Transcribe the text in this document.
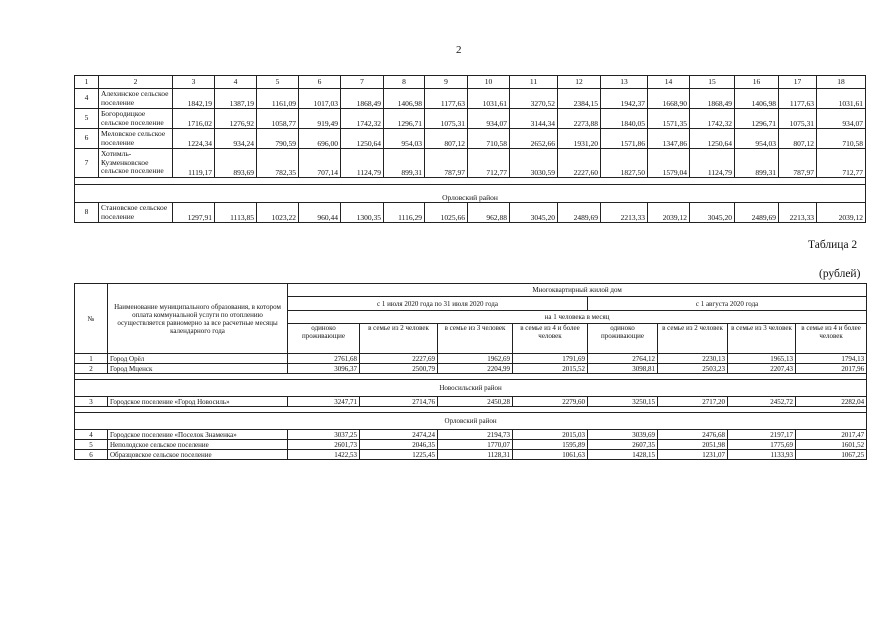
2
1	2	3	4	5	6	7	8	9	10	11	12	13	14	15	16	17	18
4	Алехинское сельское поселение	1842,19	1387,19	1161,09	1017,03	1868,49	1406,98	1177,63	1031,61	3270,52	2384,15	1942,37	1668,90	1868,49	1406,98	1177,63	1031,61
5	Богородицкое сельское поселение	1716,02	1276,92	1058,77	919,49	1742,32	1296,71	1075,31	934,07	3144,34	2273,88	1840,05	1571,35	1742,32	1296,71	1075,31	934,07
6	Меловское сельское поселение	1224,34	934,24	790,59	696,00	1250,64	954,03	807,12	710,58	2652,66	1931,20	1571,86	1347,86	1250,64	954,03	807,12	710,58
7	Хотимль-Кузменковское сельское поселение	1119,17	893,69	782,35	707,14	1124,79	899,31	787,97	712,77	3030,59	2227,60	1827,50	1579,04	1124,79	899,31	787,97	712,77

Орловский район																	
8	Становское сельское поселение	1297,91	1113,85	1023,22	960,44	1300,35	1116,29	1025,66	962,88	3045,20	2489,69	2213,33	2039,12	3045,20	2489,69	2213,33	2039,12
Таблица 2
(рублей)
№	Наименование муниципального образования, в котором оплата коммунальной услуги по отоплению осуществляется равномерно за все расчетные месяцы календарного года	Многоквартирный жилой дом							
		с 1 июля 2020 года по 31 июля 2020 года				с 1 августа 2020 года			
		на 1 человека в месяц							
		одиноко проживающие	в семье из 2 человек	в семье из 3 человек	в семье из 4 и более человек	одиноко проживающие	в семье из 2 человек	в семье из 3 человек	в семье из 4 и более человек
1	Город Орёл	2761,68	2227,69	1962,69	1791,69	2764,12	2230,13	1965,13	1794,13
2	Город Мценск	3096,37	2500,79	2204,99	2015,52	3098,81	2503,23	2207,43	2017,96

Новосильский район									
3	Городское поселение «Город Новосиль»	3247,71	2714,76	2450,28	2279,60	3250,15	2717,20	2452,72	2282,04

Орловский район									
4	Городское поселение «Поселок Знаменка»	3037,25	2474,24	2194,73	2015,03	3039,69	2476,68	2197,17	2017,47
5	Неполодское сельское поселение	2601,73	2046,35	1770,07	1595,89	2607,35	2051,98	1775,69	1601,52
6	Образцовское сельское поселение	1422,53	1225,45	1128,31	1061,63	1428,15	1231,07	1133,93	1067,25
